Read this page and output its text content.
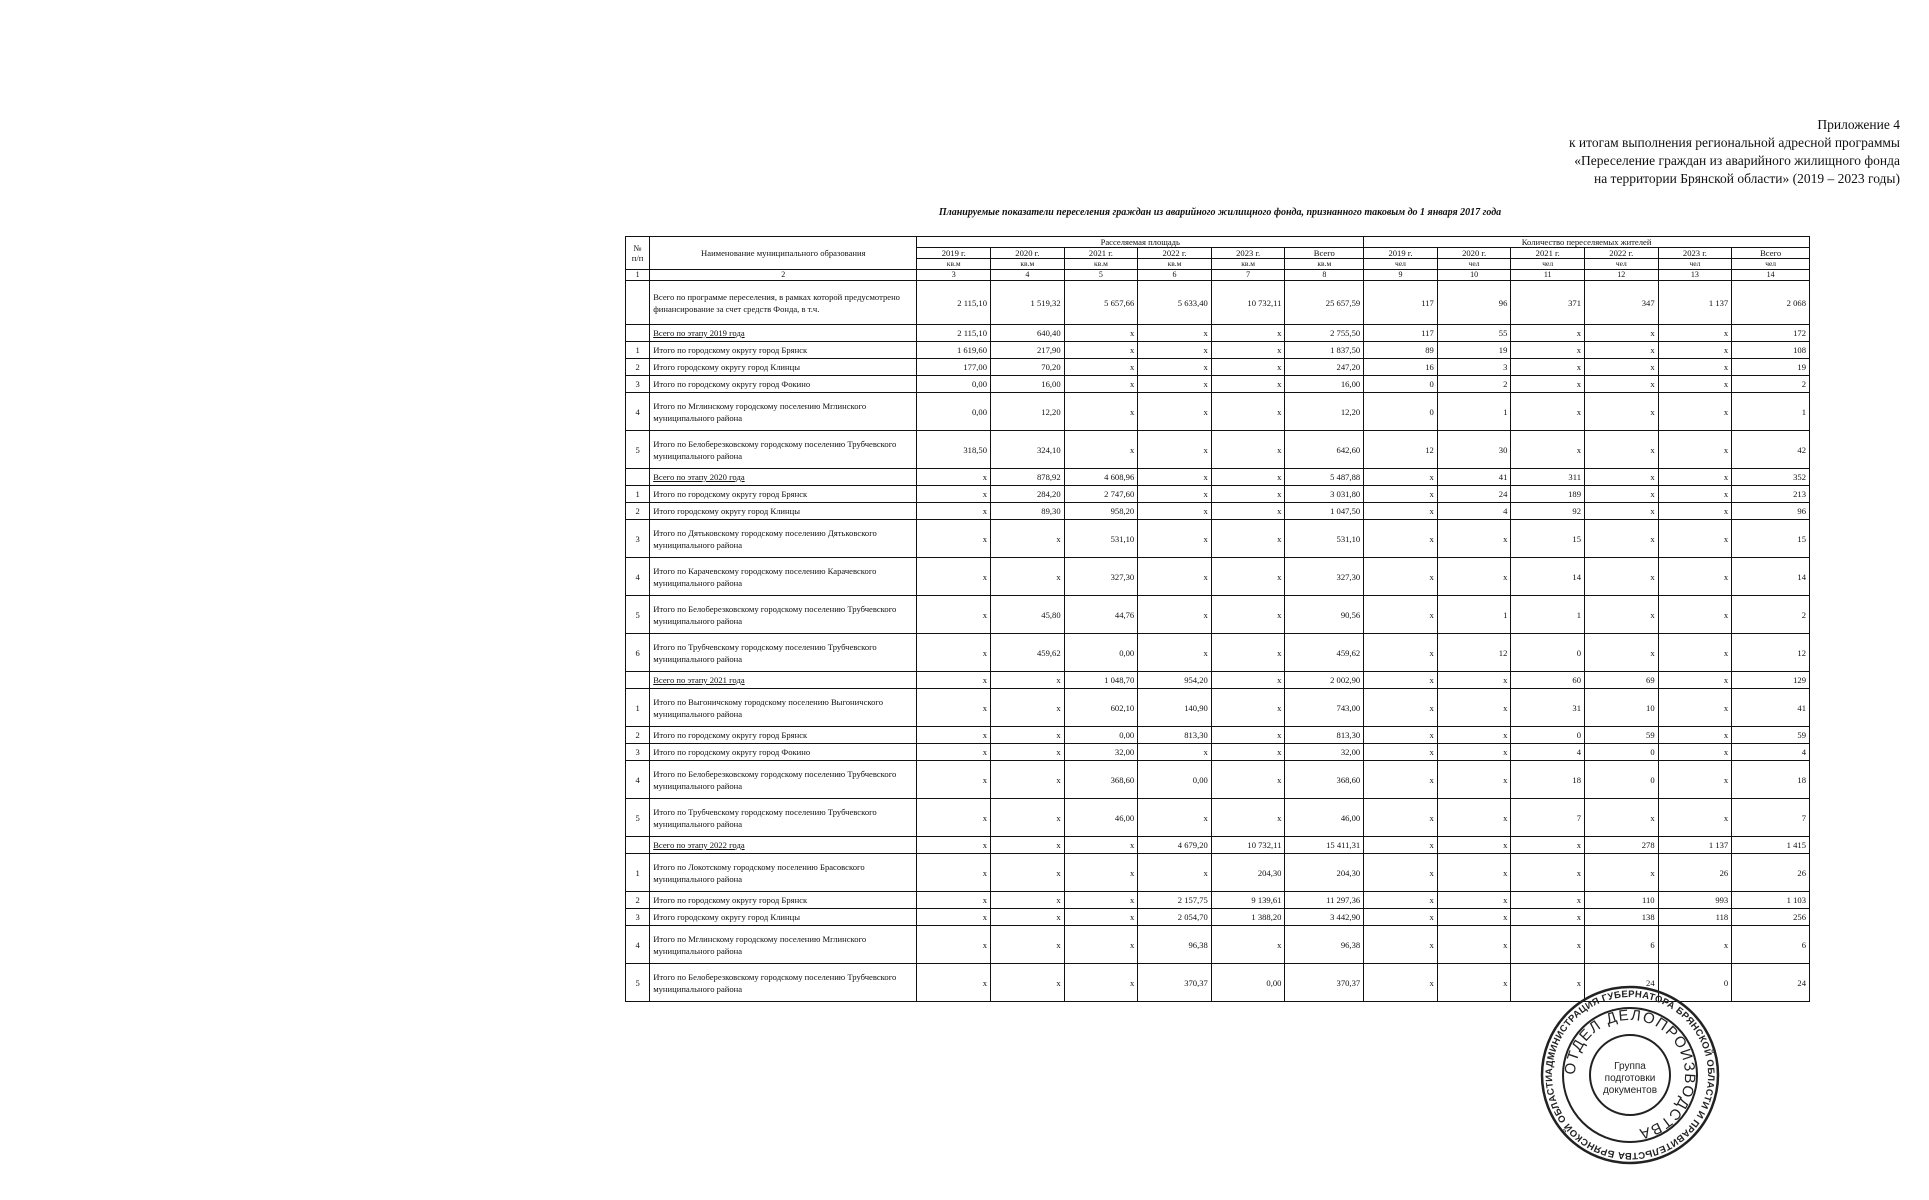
Приложение 4
к итогам выполнения региональной адресной программы
«Переселение граждан из аварийного жилищного фонда
на территории Брянской области» (2019 – 2023 годы)
Планируемые показатели переселения граждан из аварийного жилищного фонда, признанного таковым до 1 января 2017 года
№ п/п	Наименование муниципального образования	Расселяемая площадь						Количество переселяемых жителей					
		2019 г.	2020 г.	2021 г.	2022 г.	2023 г.	Всего	2019 г.	2020 г.	2021 г.	2022 г.	2023 г.	Всего
		кв.м	кв.м	кв.м	кв.м	кв.м	кв.м	чел	чел	чел	чел	чел	чел
1	2	3	4	5	6	7	8	9	10	11	12	13	14
	Всего по программе переселения, в рамках которой предусмотрено финансирование за счет средств Фонда, в т.ч.	2 115,10	1 519,32	5 657,66	5 633,40	10 732,11	25 657,59	117	96	371	347	1 137	2 068
	Всего по этапу 2019 года	2 115,10	640,40	x	x	x	2 755,50	117	55	x	x	x	172
1	Итого по городскому округу город Брянск	1 619,60	217,90	x	x	x	1 837,50	89	19	x	x	x	108
2	Итого городскому округу город Клинцы	177,00	70,20	x	x	x	247,20	16	3	x	x	x	19
3	Итого по городскому округу город Фокино	0,00	16,00	x	x	x	16,00	0	2	x	x	x	2
4	Итого по Мглинскому городскому поселению Мглинского муниципального района	0,00	12,20	x	x	x	12,20	0	1	x	x	x	1
5	Итого по Белоберезковскому городскому поселению Трубчевского муниципального района	318,50	324,10	x	x	x	642,60	12	30	x	x	x	42
	Всего по этапу 2020 года	x	878,92	4 608,96	x	x	5 487,88	x	41	311	x	x	352
1	Итого по городскому округу город Брянск	x	284,20	2 747,60	x	x	3 031,80	x	24	189	x	x	213
2	Итого городскому округу город Клинцы	x	89,30	958,20	x	x	1 047,50	x	4	92	x	x	96
3	Итого по Дятьковскому городскому поселению Дятьковского муниципального района	x	x	531,10	x	x	531,10	x	x	15	x	x	15
4	Итого по Карачевскому городскому поселению Карачевского муниципального района	x	x	327,30	x	x	327,30	x	x	14	x	x	14
5	Итого по Белоберезковскому городскому поселению Трубчевского муниципального района	x	45,80	44,76	x	x	90,56	x	1	1	x	x	2
6	Итого по Трубчевскому городскому поселению Трубчевского муниципального района	x	459,62	0,00	x	x	459,62	x	12	0	x	x	12
	Всего по этапу 2021 года	x	x	1 048,70	954,20	x	2 002,90	x	x	60	69	x	129
1	Итого по Выгоничскому городскому поселению Выгоничского муниципального района	x	x	602,10	140,90	x	743,00	x	x	31	10	x	41
2	Итого по городскому округу город Брянск	x	x	0,00	813,30	x	813,30	x	x	0	59	x	59
3	Итого по городскому округу город Фокино	x	x	32,00	x	x	32,00	x	x	4	0	x	4
4	Итого по Белоберезковскому городскому поселению Трубчевского муниципального района	x	x	368,60	0,00	x	368,60	x	x	18	0	x	18
5	Итого по Трубчевскому городскому поселению Трубчевского муниципального района	x	x	46,00	x	x	46,00	x	x	7	x	x	7
	Всего по этапу 2022 года	x	x	x	4 679,20	10 732,11	15 411,31	x	x	x	278	1 137	1 415
1	Итого по Локотскому городскому поселению Брасовского муниципального района	x	x	x	x	204,30	204,30	x	x	x	x	26	26
2	Итого по городскому округу город Брянск	x	x	x	2 157,75	9 139,61	11 297,36	x	x	x	110	993	1 103
3	Итого городскому округу город Клинцы	x	x	x	2 054,70	1 388,20	3 442,90	x	x	x	138	118	256
4	Итого по Мглинскому городскому поселению Мглинского муниципального района	x	x	x	96,38	x	96,38	x	x	x	6	x	6
5	Итого по Белоберезковскому городскому поселению Трубчевского муниципального района	x	x	x	370,37	0,00	370,37	x	x	x	24	0	24
АДМИНИСТРАЦИЯ ГУБЕРНАТОРА БРЯНСКОЙ ОБЛАСТИ И ПРАВИТЕЛЬСТВА БРЯНСКОЙ ОБЛАСТИ
ОТДЕЛ ДЕЛОПРОИЗВОДСТВА
Группа
подготовки
документов
